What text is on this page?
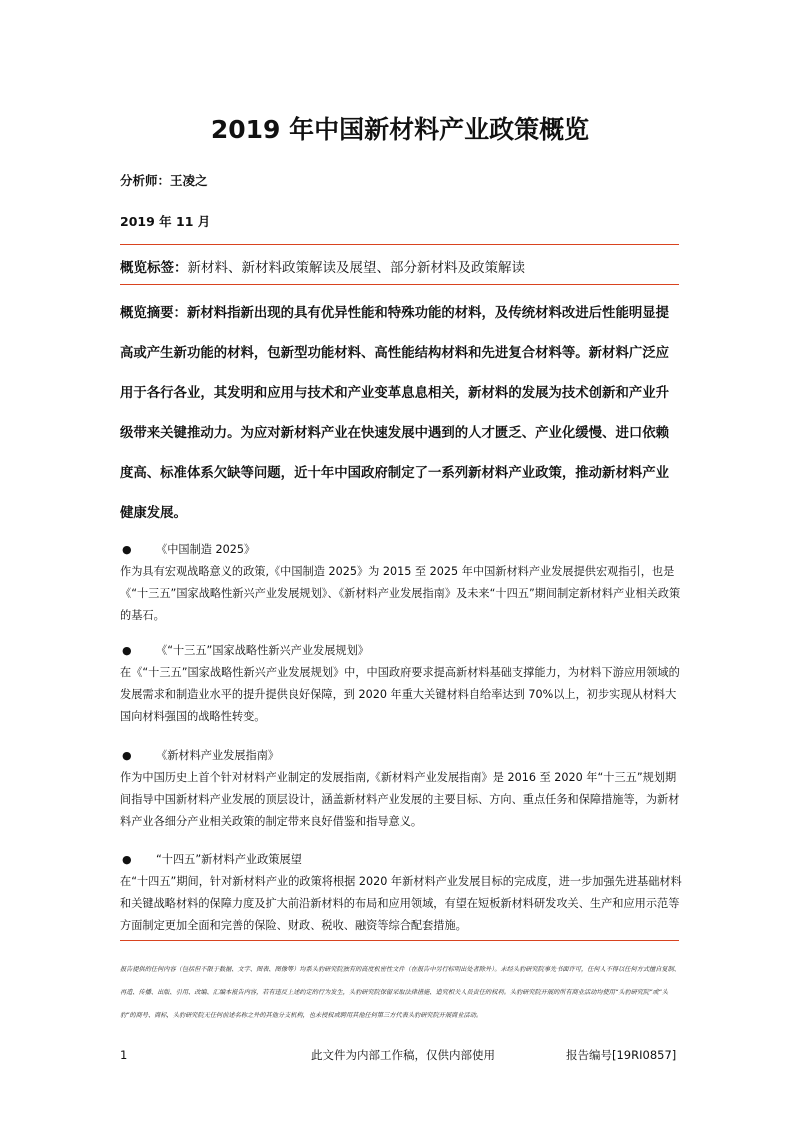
2019 年中国新材料产业政策概览
分析师：王凌之
2019 年 11 月
概览标签：新材料、新材料政策解读及展望、部分新材料及政策解读
概览摘要：新材料指新出现的具有优异性能和特殊功能的材料，及传统材料改进后性能明显提高或产生新功能的材料，包新型功能材料、高性能结构材料和先进复合材料等。新材料广泛应用于各行各业，其发明和应用与技术和产业变革息息相关，新材料的发展为技术创新和产业升级带来关键推动力。为应对新材料产业在快速发展中遇到的人才匮乏、产业化缓慢、进口依赖度高、标准体系欠缺等问题，近十年中国政府制定了一系列新材料产业政策，推动新材料产业健康发展。
● 《中国制造 2025》
作为具有宏观战略意义的政策,《中国制造 2025》为 2015 至 2025 年中国新材料产业发展提供宏观指引，也是《“十三五”国家战略性新兴产业发展规划》、《新材料产业发展指南》及未来“十四五”期间制定新材料产业相关政策的基石。
● 《“十三五”国家战略性新兴产业发展规划》
在《“十三五”国家战略性新兴产业发展规划》中，中国政府要求提高新材料基础支撑能力，为材料下游应用领域的发展需求和制造业水平的提升提供良好保障，到 2020 年重大关键材料自给率达到 70%以上，初步实现从材料大国向材料强国的战略性转变。
● 《新材料产业发展指南》
作为中国历史上首个针对材料产业制定的发展指南,《新材料产业发展指南》是 2016 至 2020 年“十三五”规划期间指导中国新材料产业发展的顶层设计，涵盖新材料产业发展的主要目标、方向、重点任务和保障措施等，为新材料产业各细分产业相关政策的制定带来良好借鉴和指导意义。
● “十四五”新材料产业政策展望
在“十四五”期间，针对新材料产业的政策将根据 2020 年新材料产业发展目标的完成度，进一步加强先进基础材料和关键战略材料的保障力度及扩大前沿新材料的布局和应用领域，有望在短板新材料研发攻关、生产和应用示范等方面制定更加全面和完善的保险、财政、税收、融资等综合配套措施。
报告提供的任何内容（包括但不限于数据、文字、图表、图像等）均系头豹研究院独有的高度机密性文件（在报告中另行标明出处者除外）。未经头豹研究院事先书面许可，任何人不得以任何方式擅自复制、再造、传播、出版、引用、改编、汇编本报告内容，若有违反上述约定的行为发生，头豹研究院保留采取法律措施、追究相关人员责任的权利。头豹研究院开展的所有商业活动均使用“头豹研究院”或“头豹”的商号、商标，头豹研究院无任何前述名称之外的其他分支机构，也未授权或聘用其他任何第三方代表头豹研究院开展商业活动。
1	此文件为内部工作稿，仅供内部使用	报告编号[19RI0857]
